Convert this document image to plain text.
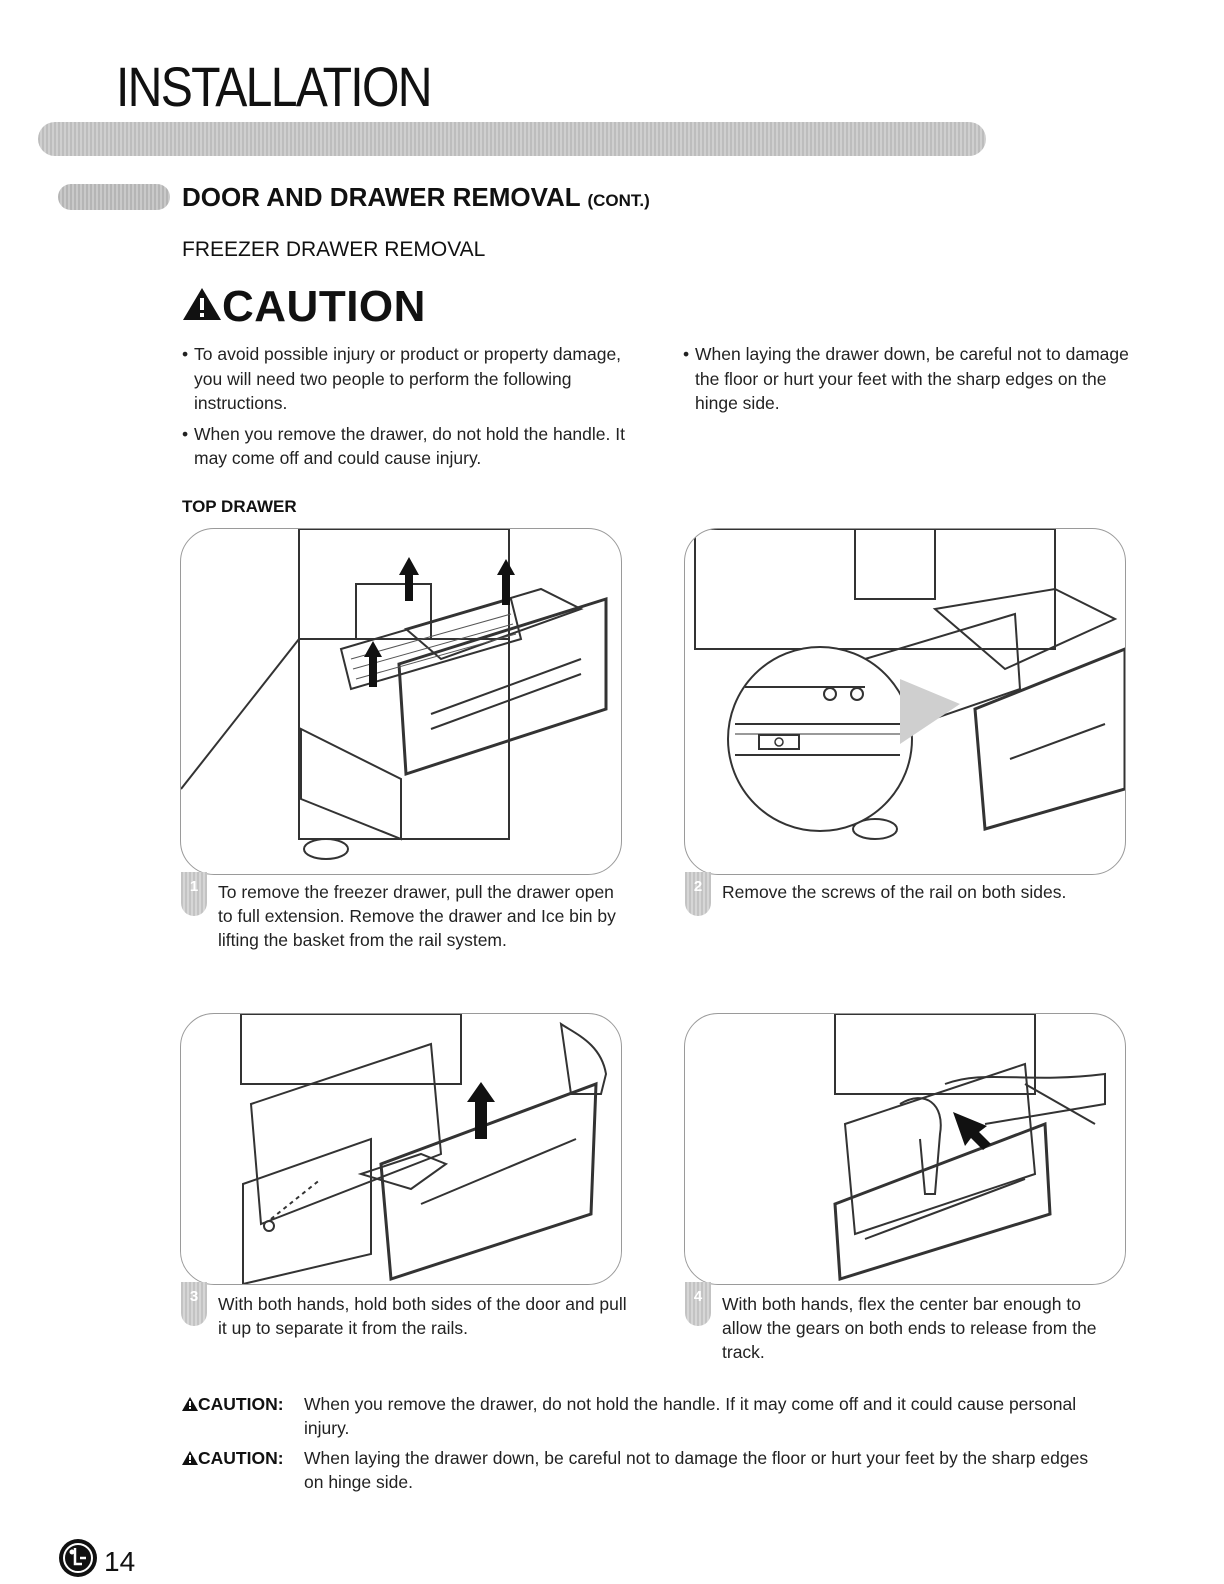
INSTALLATION
DOOR AND DRAWER REMOVAL (CONT.)
FREEZER DRAWER REMOVAL
CAUTION
• To avoid possible injury or product or property damage, you will need two people to perform the following instructions.
• When you remove the drawer, do not hold the handle. It may come off and could cause injury.
• When laying the drawer down, be careful not to damage the floor or hurt your feet with the sharp edges on the hinge side.
TOP DRAWER
1	To remove the freezer drawer, pull the drawer open to full extension. Remove the drawer and Ice bin by lifting the basket from the rail system.
2	Remove the screws of the rail on both sides.
3	With both hands, hold both sides of the door and pull it up to separate it from the rails.
4	With both hands, flex the center bar enough to allow the gears on both ends to release from the track.
CAUTION: When you remove the drawer, do not hold the handle. If it may come off and it could cause personal injury.
CAUTION: When laying the drawer down, be careful not to damage the floor or hurt your feet by the sharp edges on hinge side.
14
